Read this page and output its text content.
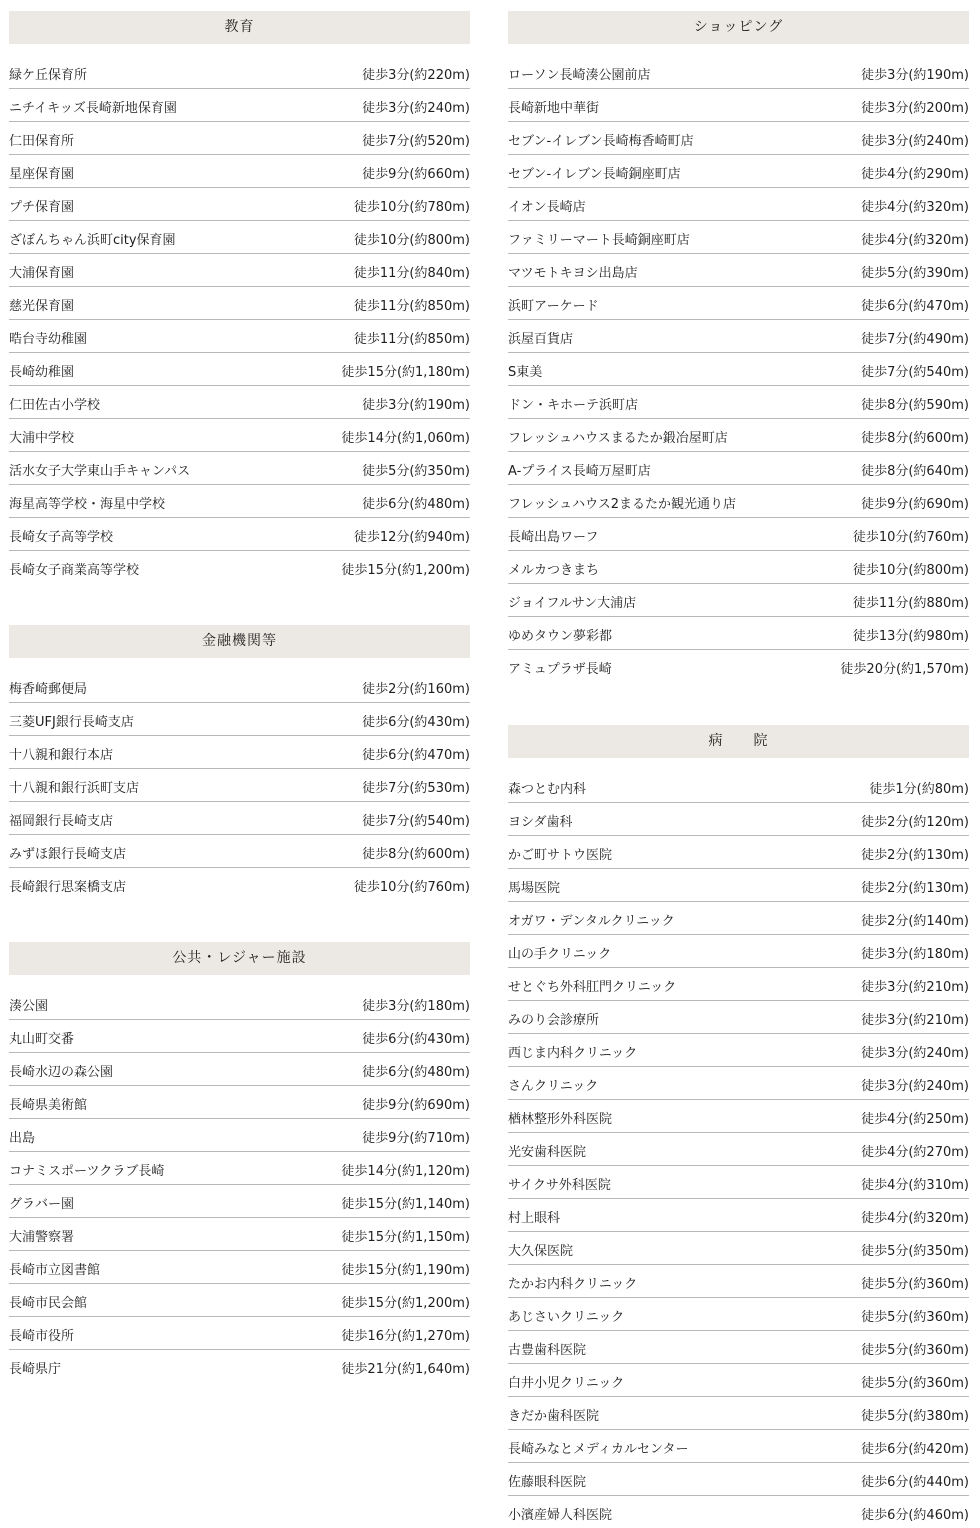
教育
緑ケ丘保育所	徒歩3分(約220m)
ニチイキッズ長崎新地保育園	徒歩3分(約240m)
仁田保育所	徒歩7分(約520m)
星座保育園	徒歩9分(約660m)
プチ保育園	徒歩10分(約780m)
ざぼんちゃん浜町city保育園	徒歩10分(約800m)
大浦保育園	徒歩11分(約840m)
慈光保育園	徒歩11分(約850m)
晧台寺幼稚園	徒歩11分(約850m)
長崎幼稚園	徒歩15分(約1,180m)
仁田佐古小学校	徒歩3分(約190m)
大浦中学校	徒歩14分(約1,060m)
活水女子大学東山手キャンパス	徒歩5分(約350m)
海星高等学校・海星中学校	徒歩6分(約480m)
長崎女子高等学校	徒歩12分(約940m)
長崎女子商業高等学校	徒歩15分(約1,200m)
金融機関等
梅香崎郵便局	徒歩2分(約160m)
三菱UFJ銀行長崎支店	徒歩6分(約430m)
十八親和銀行本店	徒歩6分(約470m)
十八親和銀行浜町支店	徒歩7分(約530m)
福岡銀行長崎支店	徒歩7分(約540m)
みずほ銀行長崎支店	徒歩8分(約600m)
長崎銀行思案橋支店	徒歩10分(約760m)
公共・レジャー施設
湊公園	徒歩3分(約180m)
丸山町交番	徒歩6分(約430m)
長崎水辺の森公園	徒歩6分(約480m)
長崎県美術館	徒歩9分(約690m)
出島	徒歩9分(約710m)
コナミスポーツクラブ長崎	徒歩14分(約1,120m)
グラバー園	徒歩15分(約1,140m)
大浦警察署	徒歩15分(約1,150m)
長崎市立図書館	徒歩15分(約1,190m)
長崎市民会館	徒歩15分(約1,200m)
長崎市役所	徒歩16分(約1,270m)
長崎県庁	徒歩21分(約1,640m)
ショッピング
ローソン長崎湊公園前店	徒歩3分(約190m)
長崎新地中華街	徒歩3分(約200m)
セブン-イレブン長崎梅香崎町店	徒歩3分(約240m)
セブン-イレブン長崎銅座町店	徒歩4分(約290m)
イオン長崎店	徒歩4分(約320m)
ファミリーマート長崎銅座町店	徒歩4分(約320m)
マツモトキヨシ出島店	徒歩5分(約390m)
浜町アーケード	徒歩6分(約470m)
浜屋百貨店	徒歩7分(約490m)
S東美	徒歩7分(約540m)
ドン・キホーテ浜町店	徒歩8分(約590m)
フレッシュハウスまるたか鍛冶屋町店	徒歩8分(約600m)
A-プライス長崎万屋町店	徒歩8分(約640m)
フレッシュハウス2まるたか観光通り店	徒歩9分(約690m)
長崎出島ワーフ	徒歩10分(約760m)
メルカつきまち	徒歩10分(約800m)
ジョイフルサン大浦店	徒歩11分(約880m)
ゆめタウン夢彩都	徒歩13分(約980m)
アミュプラザ長崎	徒歩20分(約1,570m)
病　　院
森つとむ内科	徒歩1分(約80m)
ヨシダ歯科	徒歩2分(約120m)
かご町サトウ医院	徒歩2分(約130m)
馬場医院	徒歩2分(約130m)
オガワ・デンタルクリニック	徒歩2分(約140m)
山の手クリニック	徒歩3分(約180m)
せとぐち外科肛門クリニック	徒歩3分(約210m)
みのり会診療所	徒歩3分(約210m)
西じま内科クリニック	徒歩3分(約240m)
さんクリニック	徒歩3分(約240m)
楢林整形外科医院	徒歩4分(約250m)
光安歯科医院	徒歩4分(約270m)
サイクサ外科医院	徒歩4分(約310m)
村上眼科	徒歩4分(約320m)
大久保医院	徒歩5分(約350m)
たかお内科クリニック	徒歩5分(約360m)
あじさいクリニック	徒歩5分(約360m)
古豊歯科医院	徒歩5分(約360m)
白井小児クリニック	徒歩5分(約360m)
きだか歯科医院	徒歩5分(約380m)
長崎みなとメディカルセンター	徒歩6分(約420m)
佐藤眼科医院	徒歩6分(約440m)
小濱産婦人科医院	徒歩6分(約460m)
